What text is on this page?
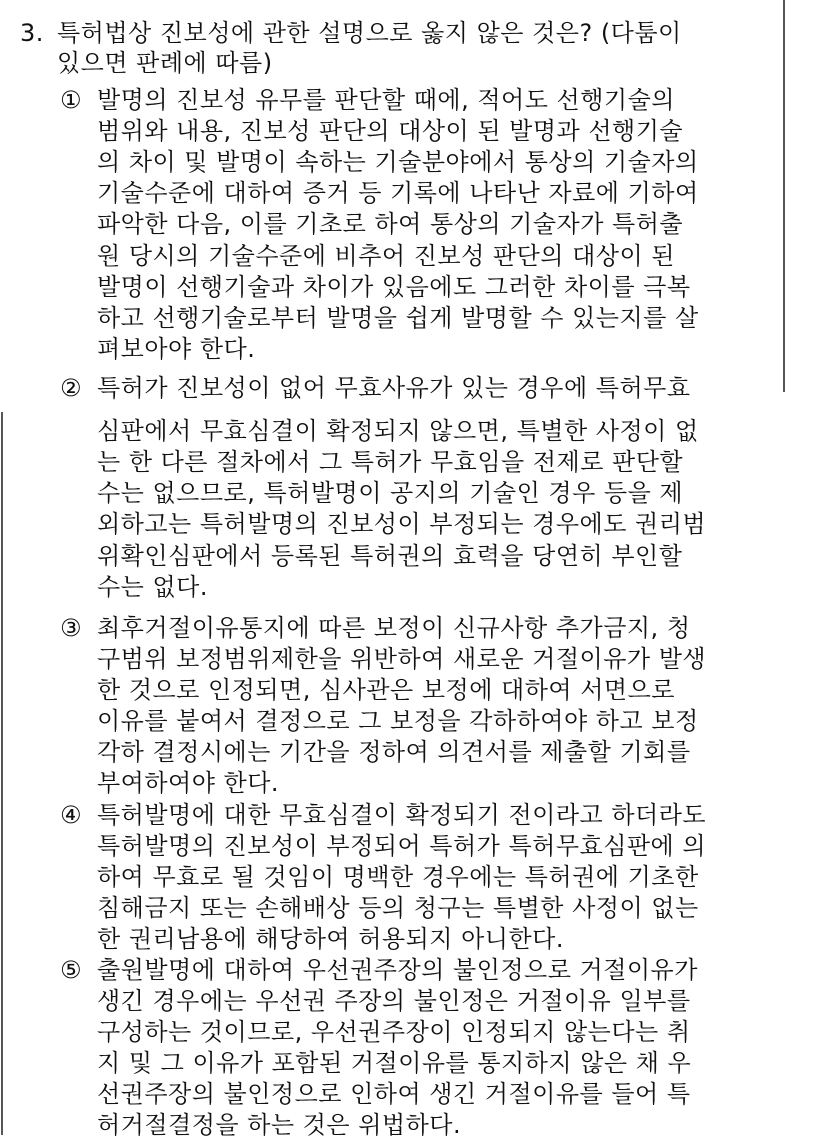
3. 특허법상 진보성에 관한 설명으로 옳지 않은 것은? (다툼이
있으면 판례에 따름)
① 발명의 진보성 유무를 판단할 때에, 적어도 선행기술의
범위와 내용, 진보성 판단의 대상이 된 발명과 선행기술
의 차이 및 발명이 속하는 기술분야에서 통상의 기술자의
기술수준에 대하여 증거 등 기록에 나타난 자료에 기하여
파악한 다음, 이를 기초로 하여 통상의 기술자가 특허출
원 당시의 기술수준에 비추어 진보성 판단의 대상이 된
발명이 선행기술과 차이가 있음에도 그러한 차이를 극복
하고 선행기술로부터 발명을 쉽게 발명할 수 있는지를 살
펴보아야 한다.
② 특허가 진보성이 없어 무효사유가 있는 경우에 특허무효
심판에서 무효심결이 확정되지 않으면, 특별한 사정이 없
는 한 다른 절차에서 그 특허가 무효임을 전제로 판단할
수는 없으므로, 특허발명이 공지의 기술인 경우 등을 제
외하고는 특허발명의 진보성이 부정되는 경우에도 권리범
위확인심판에서 등록된 특허권의 효력을 당연히 부인할
수는 없다.
③ 최후거절이유통지에 따른 보정이 신규사항 추가금지, 청
구범위 보정범위제한을 위반하여 새로운 거절이유가 발생
한 것으로 인정되면, 심사관은 보정에 대하여 서면으로
이유를 붙여서 결정으로 그 보정을 각하하여야 하고 보정
각하 결정시에는 기간을 정하여 의견서를 제출할 기회를
부여하여야 한다.
④ 특허발명에 대한 무효심결이 확정되기 전이라고 하더라도
특허발명의 진보성이 부정되어 특허가 특허무효심판에 의
하여 무효로 될 것임이 명백한 경우에는 특허권에 기초한
침해금지 또는 손해배상 등의 청구는 특별한 사정이 없는
한 권리남용에 해당하여 허용되지 아니한다.
⑤ 출원발명에 대하여 우선권주장의 불인정으로 거절이유가
생긴 경우에는 우선권 주장의 불인정은 거절이유 일부를
구성하는 것이므로, 우선권주장이 인정되지 않는다는 취
지 및 그 이유가 포함된 거절이유를 통지하지 않은 채 우
선권주장의 불인정으로 인하여 생긴 거절이유를 들어 특
허거절결정을 하는 것은 위법하다.
